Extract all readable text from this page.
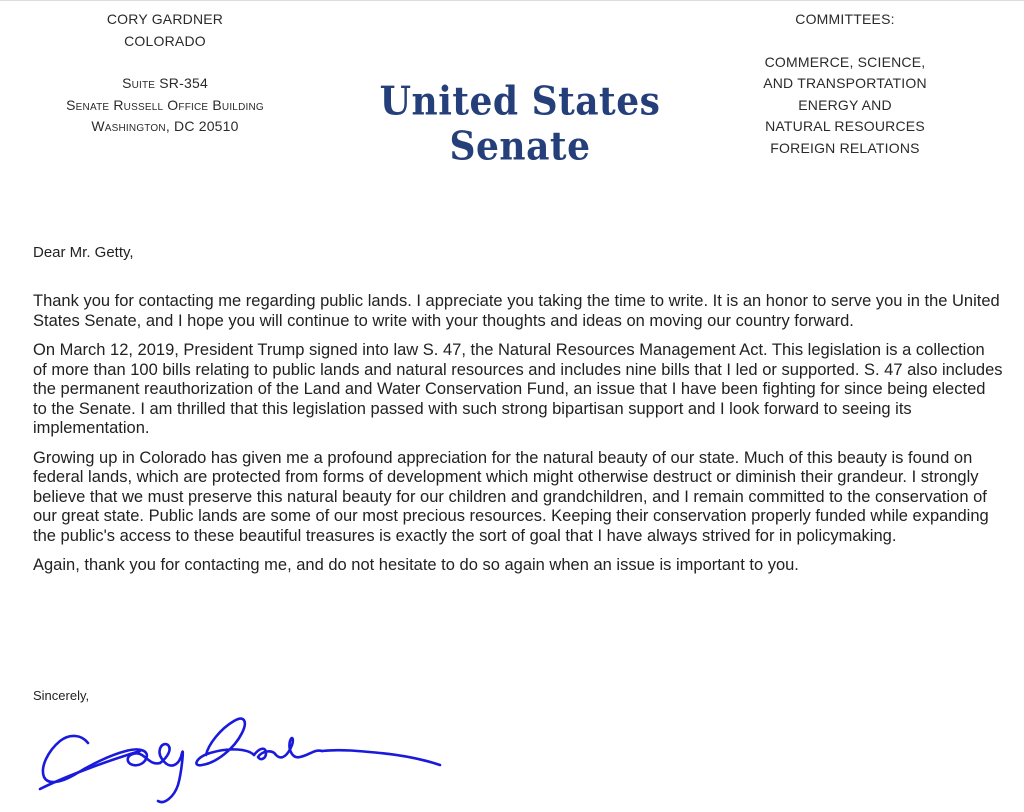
CORY GARDNER
COLORADO
Suite SR-354
Senate Russell Office Building
Washington, DC 20510
United States Senate
COMMITTEES:
COMMERCE, SCIENCE,
AND TRANSPORTATION
ENERGY AND
NATURAL RESOURCES
FOREIGN RELATIONS
Dear Mr. Getty,

Thank you for contacting me regarding public lands. I appreciate you taking the time to write. It is an honor to serve you in the United States Senate, and I hope you will continue to write with your thoughts and ideas on moving our country forward.

On March 12, 2019, President Trump signed into law S. 47, the Natural Resources Management Act. This legislation is a collection of more than 100 bills relating to public lands and natural resources and includes nine bills that I led or supported. S. 47 also includes the permanent reauthorization of the Land and Water Conservation Fund, an issue that I have been fighting for since being elected to the Senate. I am thrilled that this legislation passed with such strong bipartisan support and I look forward to seeing its implementation.

Growing up in Colorado has given me a profound appreciation for the natural beauty of our state. Much of this beauty is found on federal lands, which are protected from forms of development which might otherwise destruct or diminish their grandeur. I strongly believe that we must preserve this natural beauty for our children and grandchildren, and I remain committed to the conservation of our great state. Public lands are some of our most precious resources. Keeping their conservation properly funded while expanding the public's access to these beautiful treasures is exactly the sort of goal that I have always strived for in policymaking.

Again, thank you for contacting me, and do not hesitate to do so again when an issue is important to you.

Sincerely,
